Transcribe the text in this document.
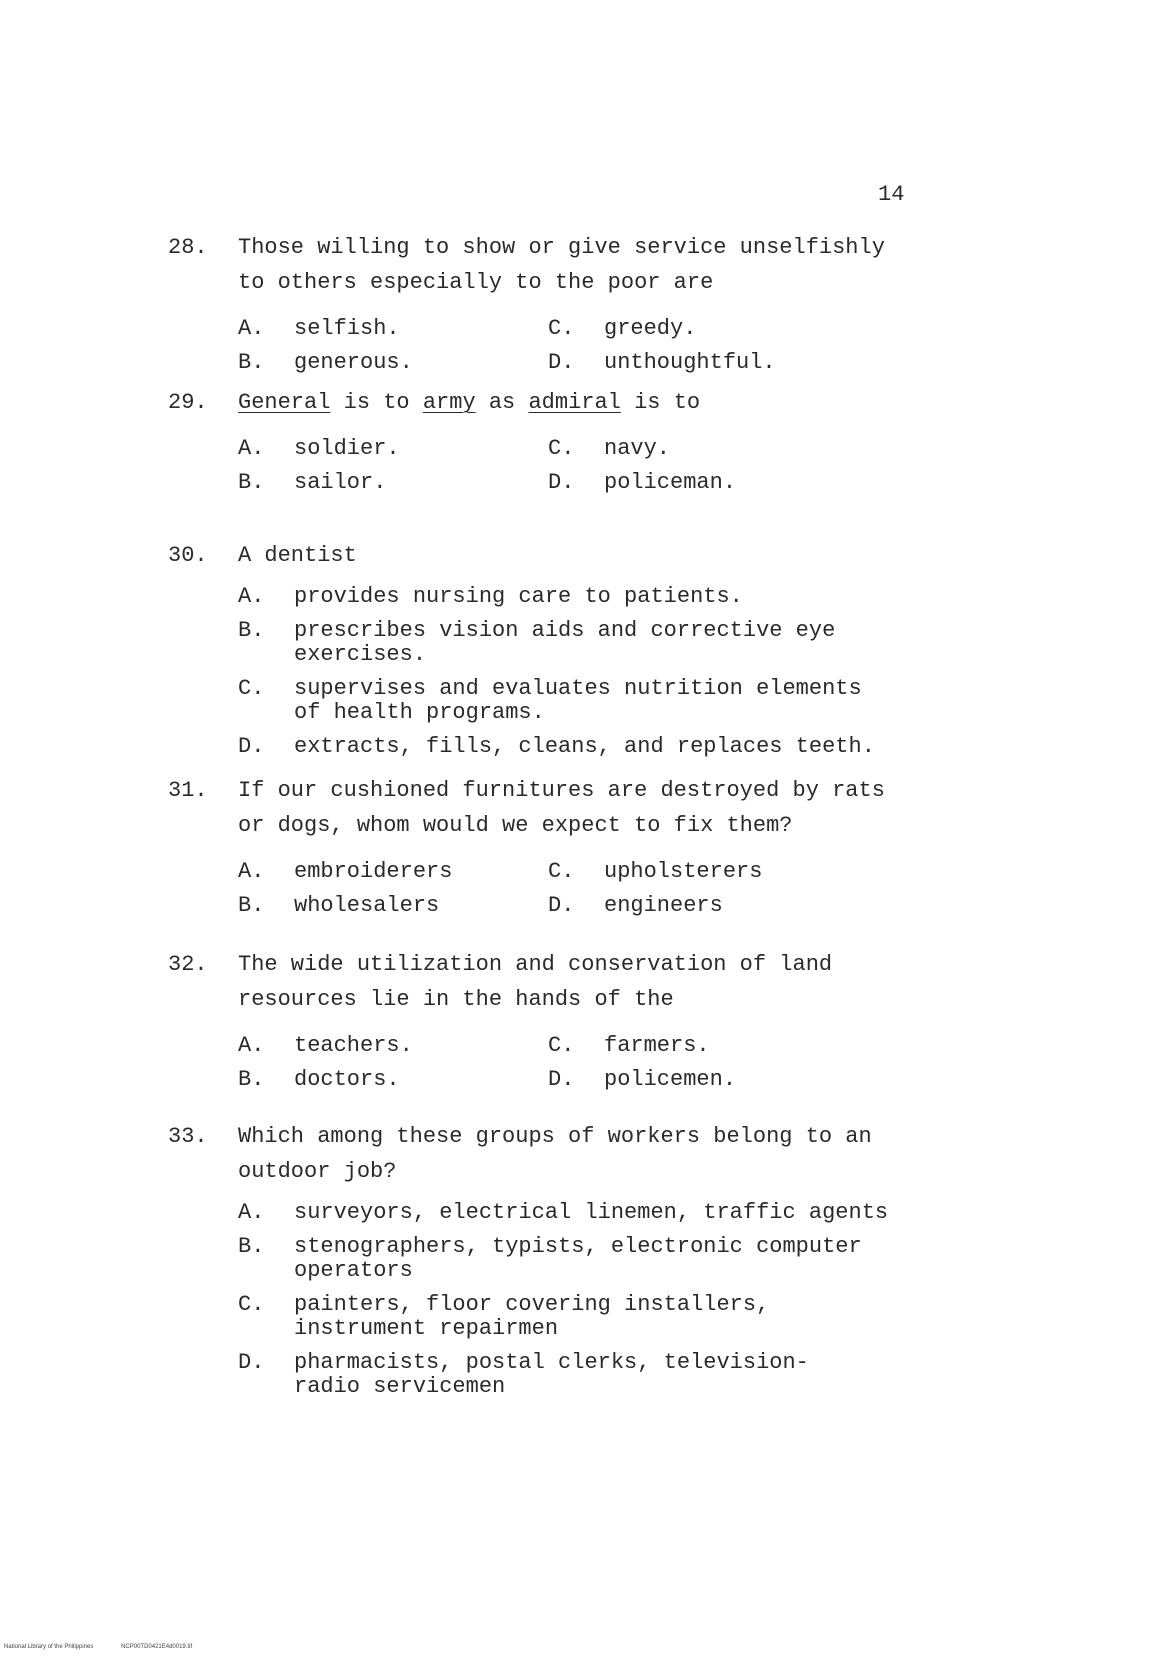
14
28. Those willing to show or give service unselfishly to others especially to the poor are
A.	selfish.	C.	greedy.
B.	generous.	D.	unthoughtful.
29. General is to army as admiral is to
A.	soldier.	C.	navy.
B.	sailor.	D.	policeman.
30. A dentist
A.	provides nursing care to patients.
B.	prescribes vision aids and corrective eye exercises.
C.	supervises and evaluates nutrition elements of health programs.
D.	extracts, fills, cleans, and replaces teeth.
31. If our cushioned furnitures are destroyed by rats or dogs, whom would we expect to fix them?
A.	embroiderers	C.	upholsterers
B.	wholesalers	D.	engineers
32. The wide utilization and conservation of land resources lie in the hands of the
A.	teachers.	C.	farmers.
B.	doctors.	D.	policemen.
33. Which among these groups of workers belong to an outdoor job?
A.	surveyors, electrical linemen, traffic agents
B.	stenographers, typists, electronic computer operators
C.	painters, floor covering installers, instrument repairmen
D.	pharmacists, postal clerks, television-radio servicemen
National Library of the Philippines	NCP00TD0421E4d0019.tif
